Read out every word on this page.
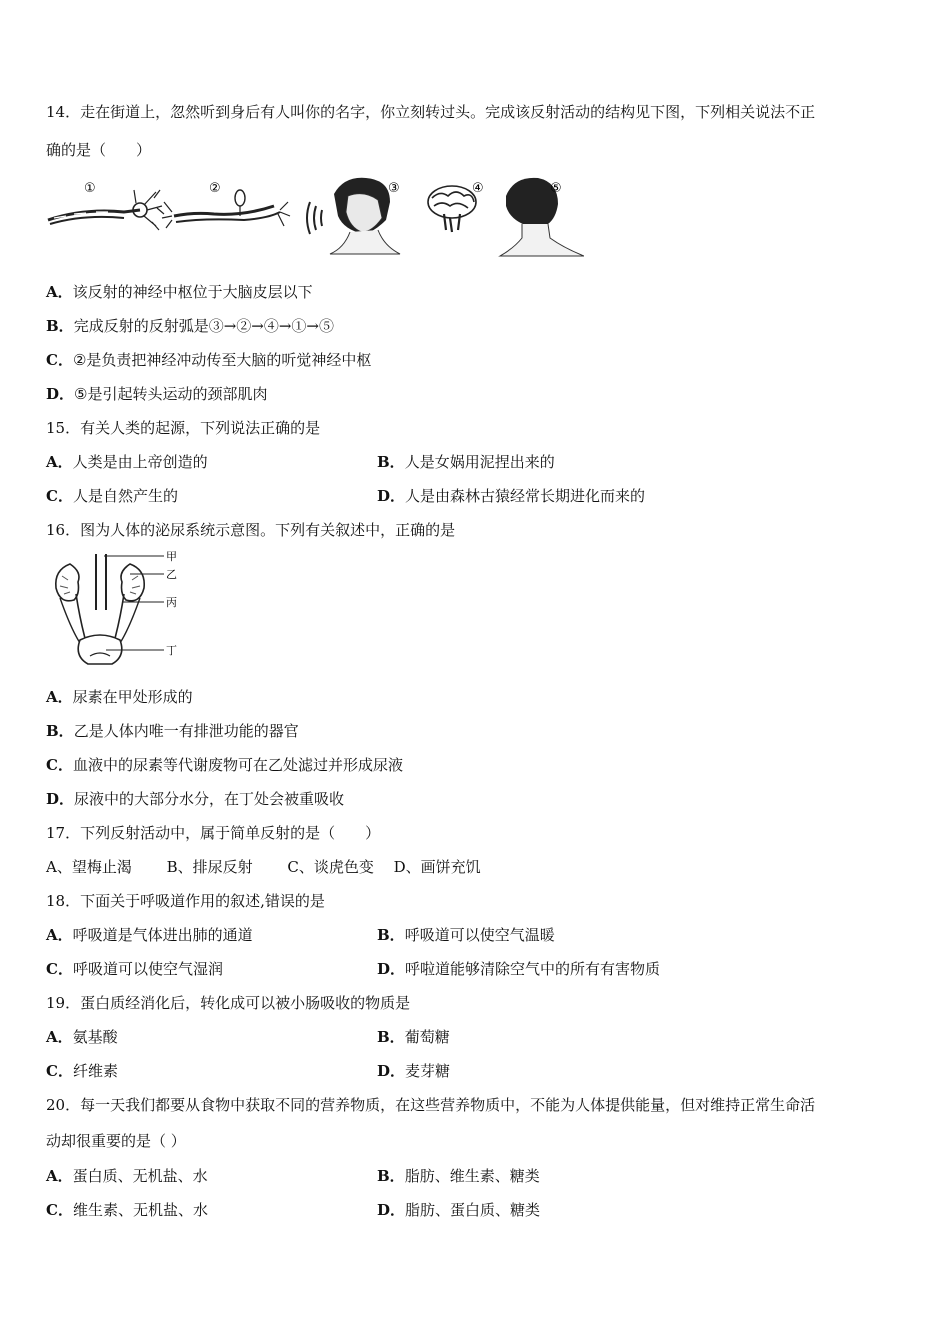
14．走在街道上，忽然听到身后有人叫你的名字，你立刻转过头。完成该反射活动的结构见下图，下列相关说法不正
确的是（　　）
①	②	③	④	⑤
A．该反射的神经中枢位于大脑皮层以下
B．完成反射的反射弧是③→②→④→①→⑤
C．②是负责把神经冲动传至大脑的听觉神经中枢
D．⑤是引起转头运动的颈部肌肉
15．有关人类的起源，下列说法正确的是
A．人类是由上帝创造的	B．人是女娲用泥捏出来的
C．人是自然产生的	D．人是由森林古猿经常长期进化而来的
16．图为人体的泌尿系统示意图。下列有关叙述中，正确的是
甲
乙
丙
丁
A．尿素在甲处形成的
B．乙是人体内唯一有排泄功能的器官
C．血液中的尿素等代谢废物可在乙处滤过并形成尿液
D．尿液中的大部分水分，在丁处会被重吸收
17．下列反射活动中，属于简单反射的是（　　）
A、望梅止渴　　 B、排尿反射　　 C、谈虎色变　 D、画饼充饥
18．下面关于呼吸道作用的叙述,错误的是
A．呼吸道是气体进出肺的通道	B．呼吸道可以使空气温暖
C．呼吸道可以使空气湿润	D．呼啦道能够清除空气中的所有有害物质
19．蛋白质经消化后，转化成可以被小肠吸收的物质是
A．氨基酸	B．葡萄糖
C．纤维素	D．麦芽糖
20．每一天我们都要从食物中获取不同的营养物质，在这些营养物质中，不能为人体提供能量，但对维持正常生命活
动却很重要的是（ ）
A．蛋白质、无机盐、水	B．脂肪、维生素、糖类
C．维生素、无机盐、水	D．脂肪、蛋白质、糖类
